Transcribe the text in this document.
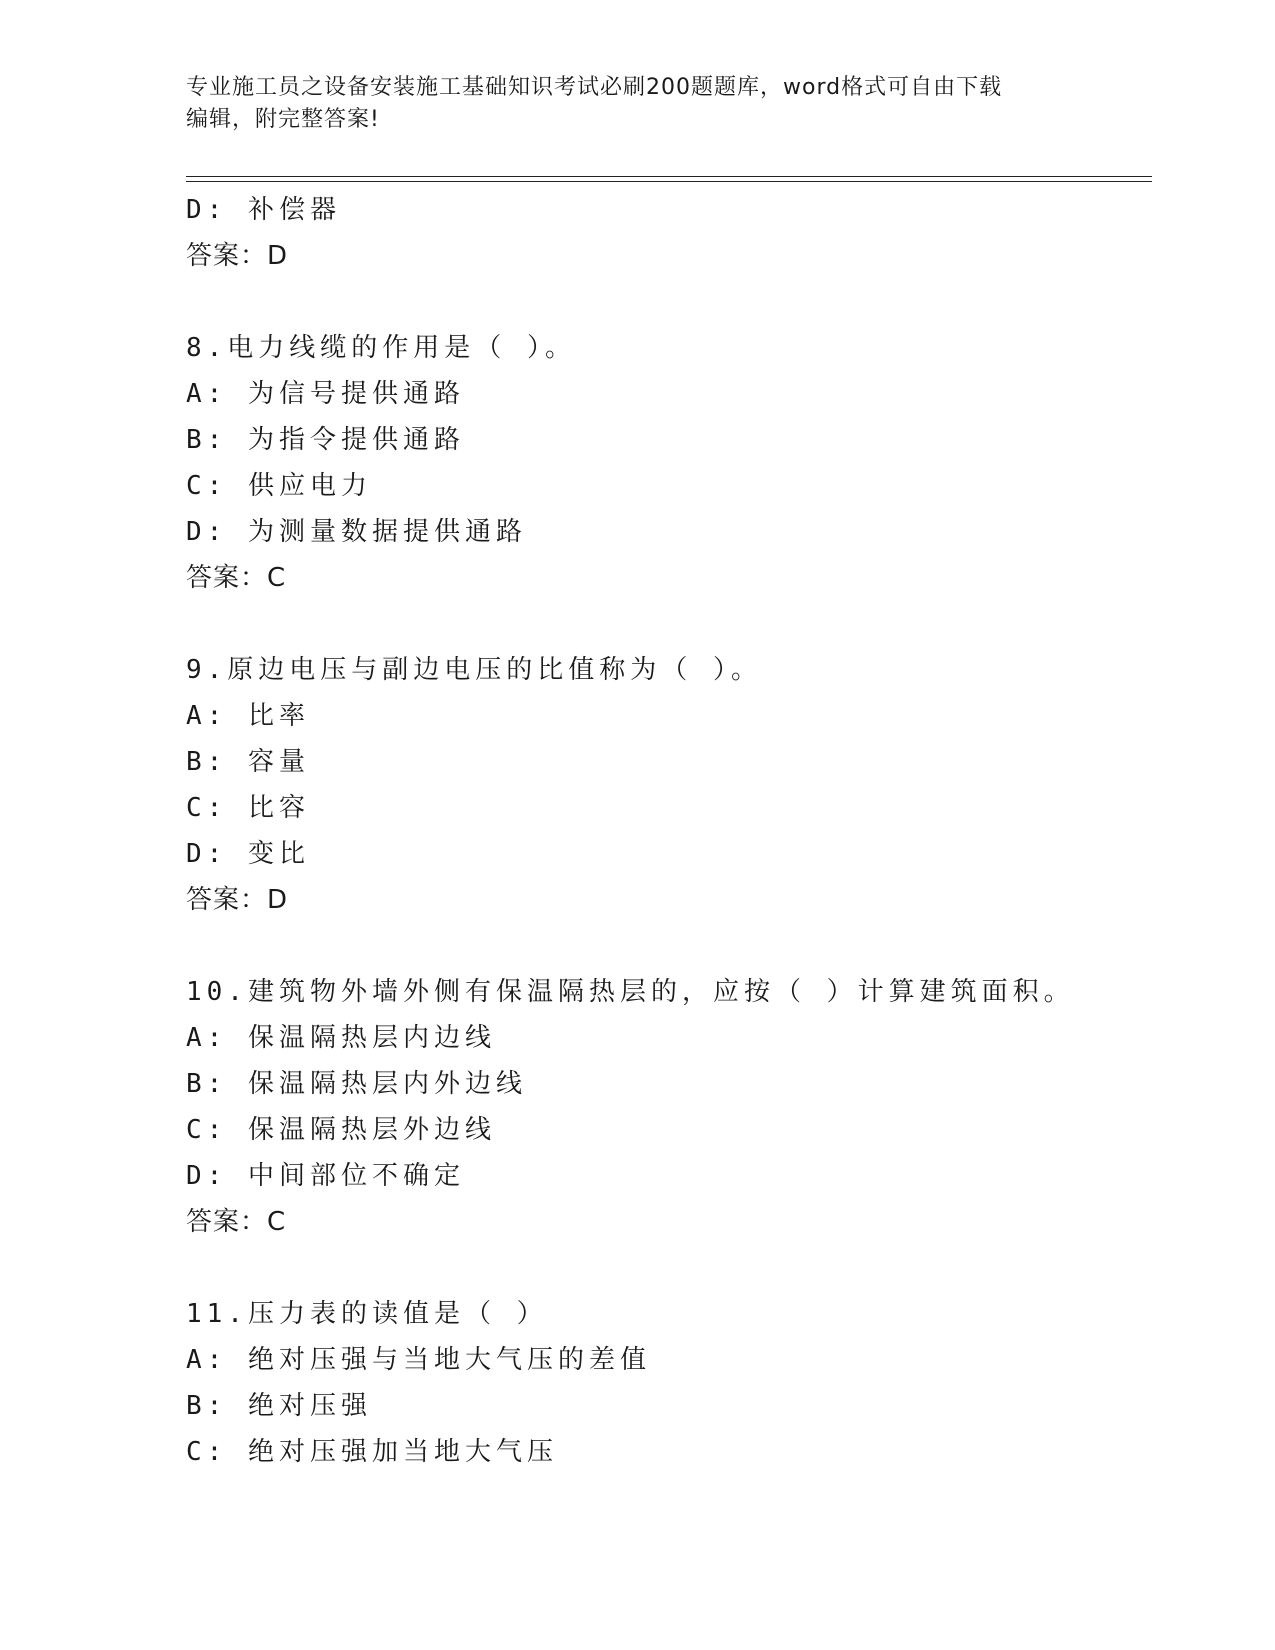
专业施工员之设备安装施工基础知识考试必刷200题题库，word格式可自由下载
编辑，附完整答案!
D: 补偿器
答案：D
8.电力线缆的作用是（ ）。
A: 为信号提供通路
B: 为指令提供通路
C: 供应电力
D: 为测量数据提供通路
答案：C
9.原边电压与副边电压的比值称为（ ）。
A: 比率
B: 容量
C: 比容
D: 变比
答案：D
10.建筑物外墙外侧有保温隔热层的，应按（ ）计算建筑面积。
A: 保温隔热层内边线
B: 保温隔热层内外边线
C: 保温隔热层外边线
D: 中间部位不确定
答案：C
11.压力表的读值是（ ）
A: 绝对压强与当地大气压的差值
B: 绝对压强
C: 绝对压强加当地大气压
